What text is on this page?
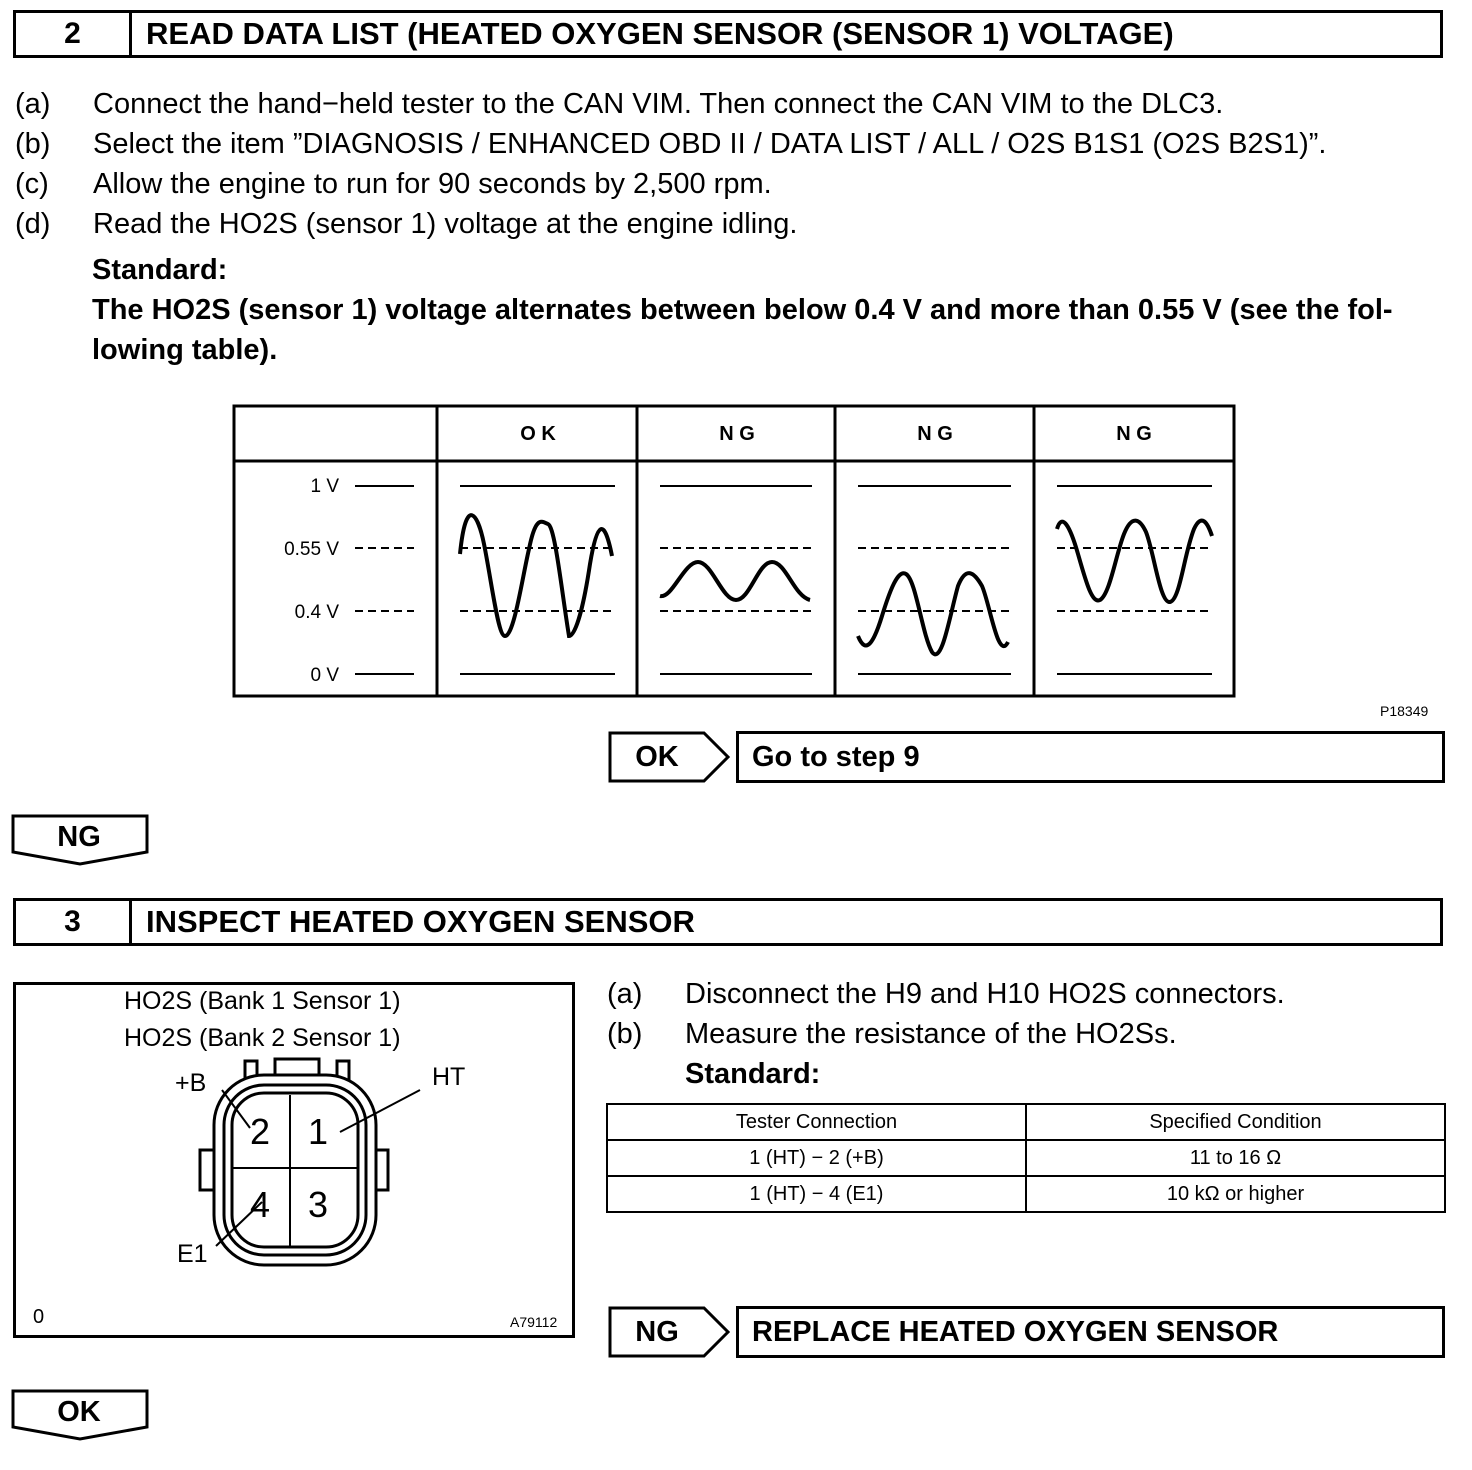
2	READ DATA LIST (HEATED OXYGEN SENSOR (SENSOR 1) VOLTAGE)
(a) Connect the hand−held tester to the CAN VIM. Then connect the CAN VIM to the DLC3.
(b) Select the item ”DIAGNOSIS / ENHANCED OBD II / DATA LIST / ALL / O2S B1S1 (O2S B2S1)”.
(c) Allow the engine to run for 90 seconds by 2,500 rpm.
(d) Read the HO2S (sensor 1) voltage at the engine idling.
Standard:
The HO2S (sensor 1) voltage alternates between below 0.4 V and more than 0.55 V (see the fol-
lowing table).
O K	N G	N G	N G
1 V
0.55 V
0.4 V
0 V
P18349
OK	Go to step 9
NG
3	INSPECT HEATED OXYGEN SENSOR
HO2S (Bank 1 Sensor 1)
HO2S (Bank 2 Sensor 1)
2 1
4 3
+B	HT
E1
0	A79112
(a) Disconnect the H9 and H10 HO2S connectors.
(b) Measure the resistance of the HO2Ss.
Standard:
Tester Connection	Specified Condition
1 (HT) − 2 (+B)	11 to 16 Ω
1 (HT) − 4 (E1)	10 kΩ or higher
NG	REPLACE HEATED OXYGEN SENSOR
OK
